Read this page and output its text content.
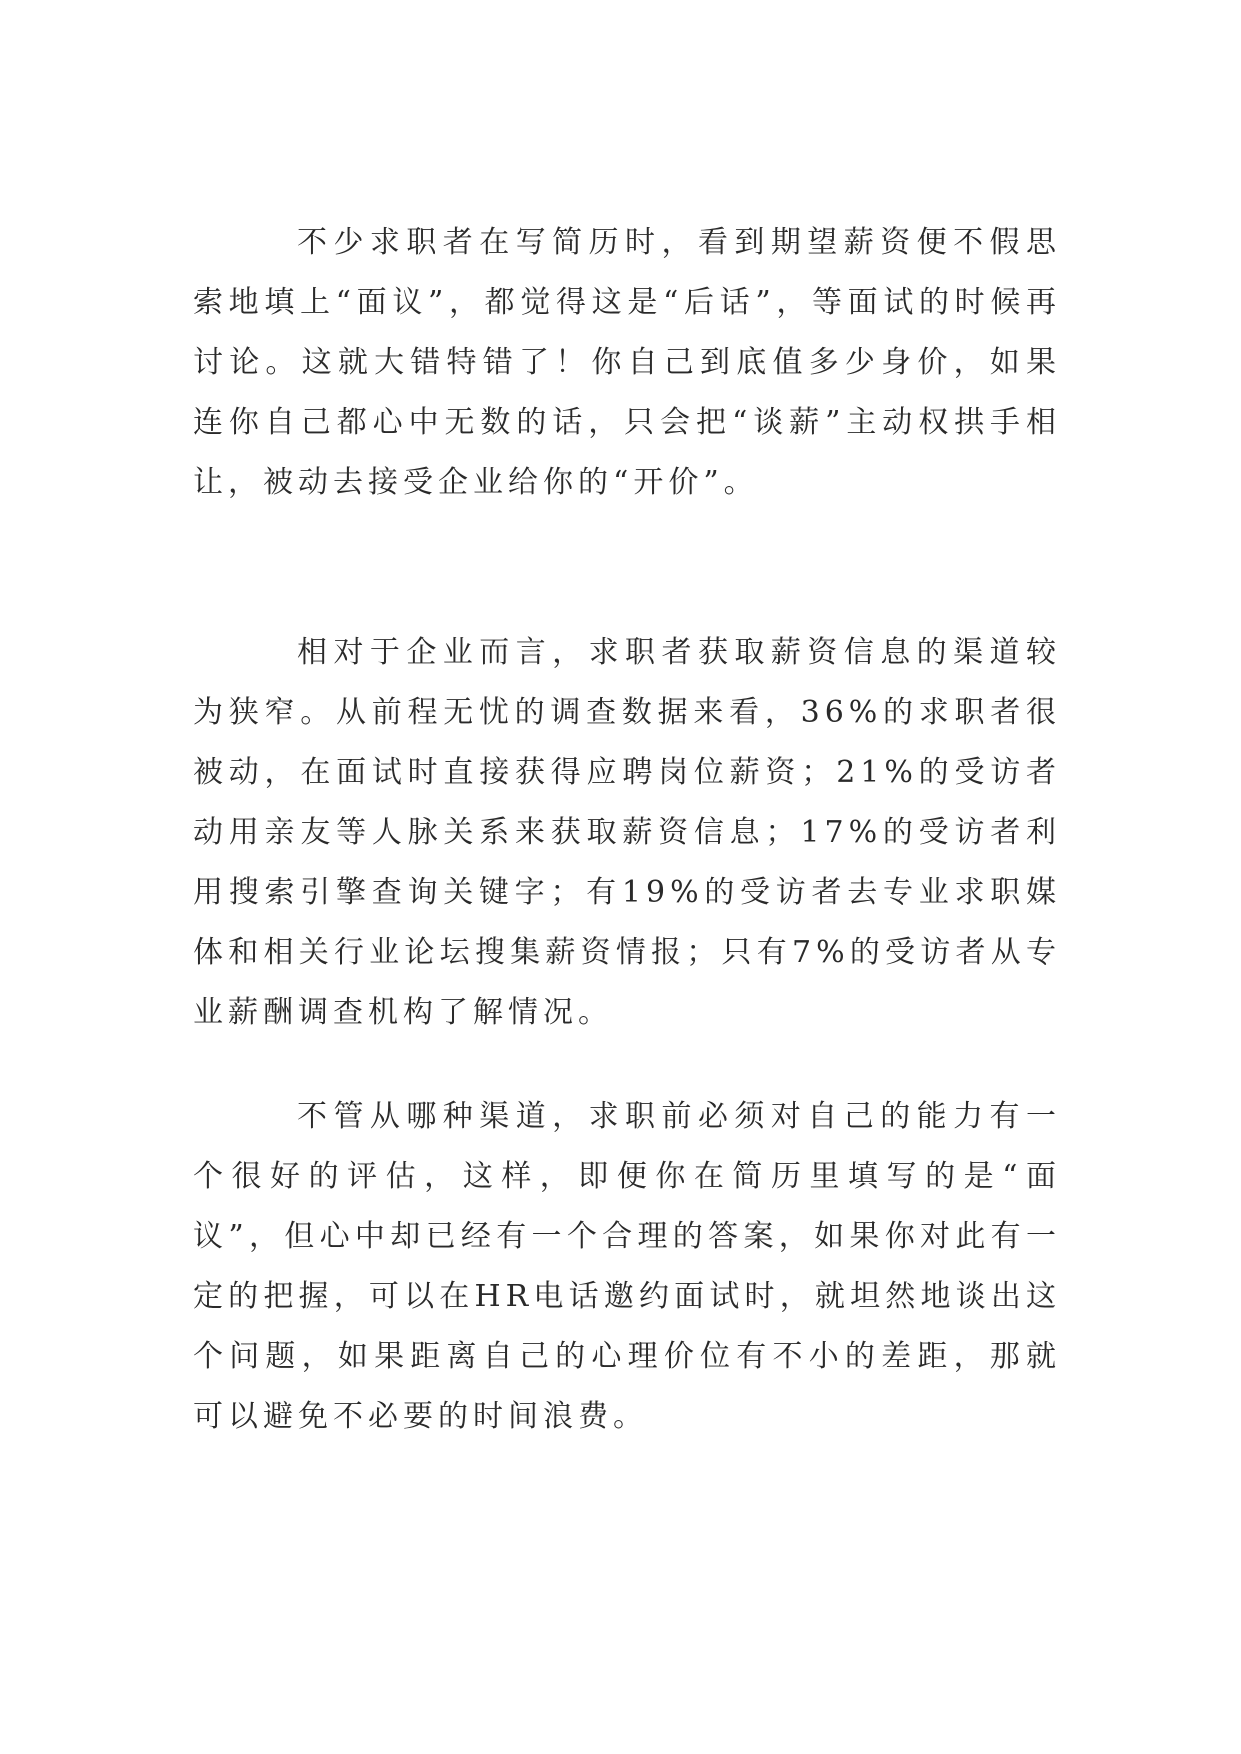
不少求职者在写简历时，看到期望薪资便不假思索地填上“面议”，都觉得这是“后话”，等面试的时候再讨论。这就大错特错了！你自己到底值多少身价，如果连你自己都心中无数的话，只会把“谈薪”主动权拱手相让，被动去接受企业给你的“开价”。

相对于企业而言，求职者获取薪资信息的渠道较为狭窄。从前程无忧的调查数据来看，36%的求职者很被动，在面试时直接获得应聘岗位薪资；21%的受访者动用亲友等人脉关系来获取薪资信息；17%的受访者利用搜索引擎查询关键字；有19%的受访者去专业求职媒体和相关行业论坛搜集薪资情报；只有7%的受访者从专业薪酬调查机构了解情况。

不管从哪种渠道，求职前必须对自己的能力有一个很好的评估，这样，即便你在简历里填写的是“面议”，但心中却已经有一个合理的答案，如果你对此有一定的把握，可以在HR电话邀约面试时，就坦然地谈出这个问题，如果距离自己的心理价位有不小的差距，那就可以避免不必要的时间浪费。
